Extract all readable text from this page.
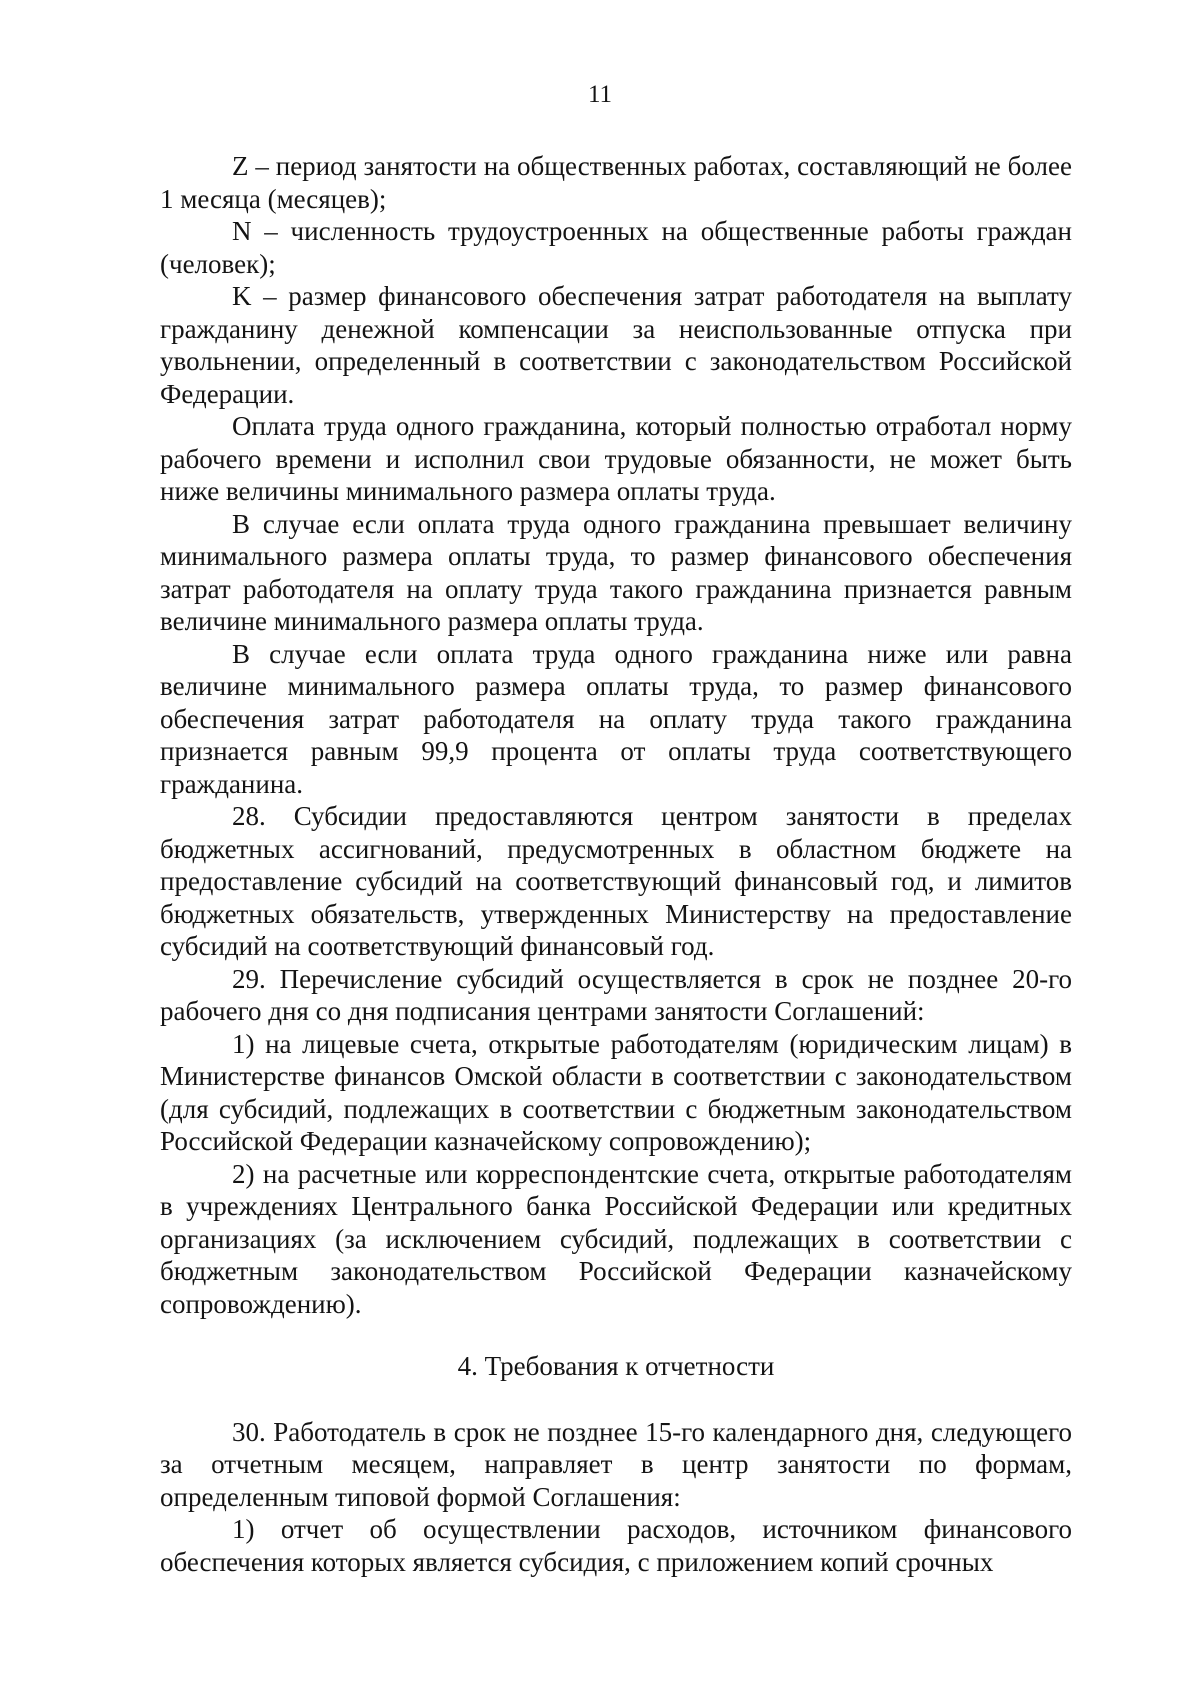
11

Z – период занятости на общественных работах, составляющий не более 1 месяца (месяцев);

N – численность трудоустроенных на общественные работы граждан (человек);

K – размер финансового обеспечения затрат работодателя на выплату гражданину денежной компенсации за неиспользованные отпуска при увольнении, определенный в соответствии с законодательством Российской Федерации.

Оплата труда одного гражданина, который полностью отработал норму рабочего времени и исполнил свои трудовые обязанности, не может быть ниже величины минимального размера оплаты труда.

В случае если оплата труда одного гражданина превышает величину минимального размера оплаты труда, то размер финансового обеспечения затрат работодателя на оплату труда такого гражданина признается равным величине минимального размера оплаты труда.

В случае если оплата труда одного гражданина ниже или равна величине минимального размера оплаты труда, то размер финансового обеспечения затрат работодателя на оплату труда такого гражданина признается равным 99,9 процента от оплаты труда соответствующего гражданина.

28. Субсидии предоставляются центром занятости в пределах бюджетных ассигнований, предусмотренных в областном бюджете на предоставление субсидий на соответствующий финансовый год, и лимитов бюджетных обязательств, утвержденных Министерству на предоставление субсидий на соответствующий финансовый год.

29. Перечисление субсидий осуществляется в срок не позднее 20-го рабочего дня со дня подписания центрами занятости Соглашений:

1) на лицевые счета, открытые работодателям (юридическим лицам) в Министерстве финансов Омской области в соответствии с законодательством (для субсидий, подлежащих в соответствии с бюджетным законодательством Российской Федерации казначейскому сопровождению);

2) на расчетные или корреспондентские счета, открытые работодателям в учреждениях Центрального банка Российской Федерации или кредитных организациях (за исключением субсидий, подлежащих в соответствии с бюджетным законодательством Российской Федерации казначейскому сопровождению).

4. Требования к отчетности

30. Работодатель в срок не позднее 15-го календарного дня, следующего за отчетным месяцем, направляет в центр занятости по формам, определенным типовой формой Соглашения:

1) отчет об осуществлении расходов, источником финансового обеспечения которых является субсидия, с приложением копий срочных
